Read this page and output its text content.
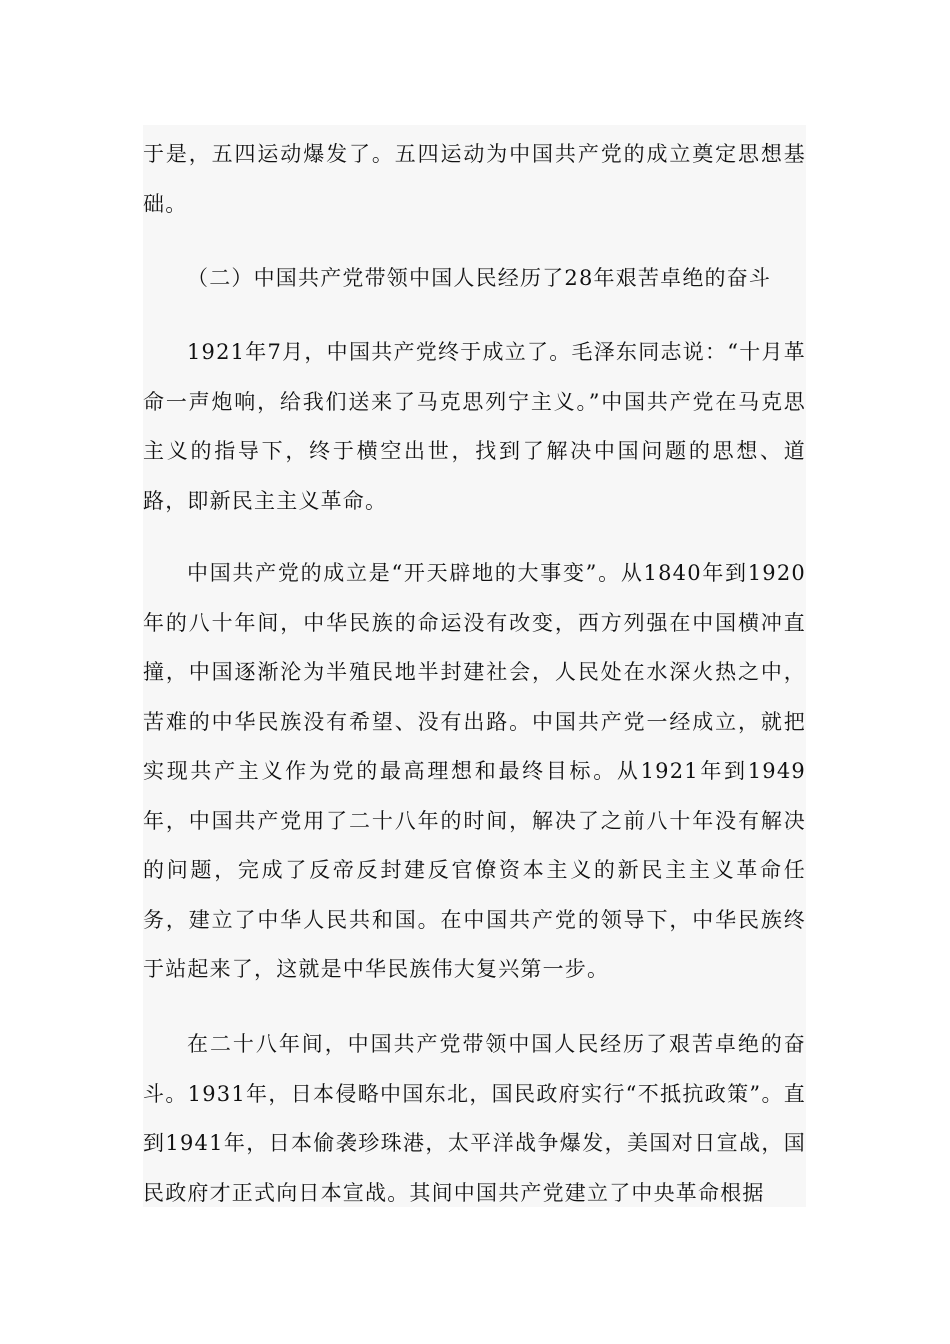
于是，五四运动爆发了。五四运动为中国共产党的成立奠定思想基础。

（二）中国共产党带领中国人民经历了28年艰苦卓绝的奋斗

1921年7月，中国共产党终于成立了。毛泽东同志说：“十月革命一声炮响，给我们送来了马克思列宁主义。”中国共产党在马克思主义的指导下，终于横空出世，找到了解决中国问题的思想、道路，即新民主主义革命。

中国共产党的成立是“开天辟地的大事变”。从1840年到1920年的八十年间，中华民族的命运没有改变，西方列强在中国横冲直撞，中国逐渐沦为半殖民地半封建社会，人民处在水深火热之中，苦难的中华民族没有希望、没有出路。中国共产党一经成立，就把实现共产主义作为党的最高理想和最终目标。从1921年到1949年，中国共产党用了二十八年的时间，解决了之前八十年没有解决的问题，完成了反帝反封建反官僚资本主义的新民主主义革命任务，建立了中华人民共和国。在中国共产党的领导下，中华民族终于站起来了，这就是中华民族伟大复兴第一步。

在二十八年间，中国共产党带领中国人民经历了艰苦卓绝的奋斗。1931年，日本侵略中国东北，国民政府实行“不抵抗政策”。直到1941年，日本偷袭珍珠港，太平洋战争爆发，美国对日宣战，国民政府才正式向日本宣战。其间中国共产党建立了中央革命根据
